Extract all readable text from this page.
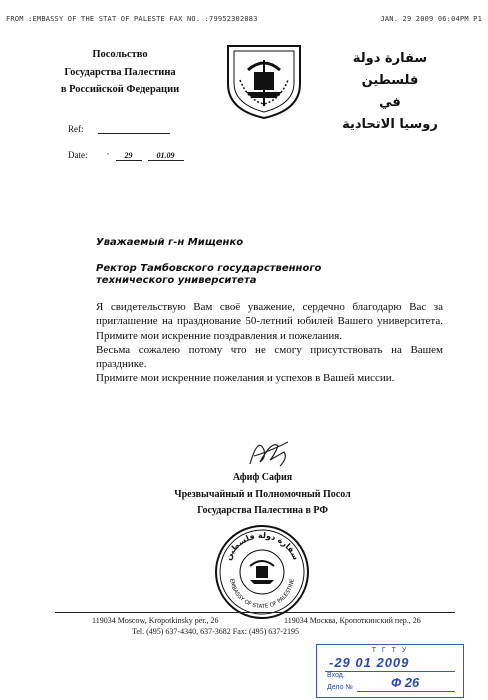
FROM :EMBASSY OF THE STAT OF PALESTE FAX NO. :79952302083	JAN. 29 2009 06:04PM P1
Посольство
Государства Палестина
в Российской Федерации
سفارة دولة فلسطين
في
روسيا الاتحادية
Ref:
Date:	" 29	01.09
Уважаемый г-н Мищенко
Ректор Тамбовского государственного технического университета

Я свидетельствую Вам своё уважение, сердечно благодарю Вас за приглашение на празднование 50-летний юбилей Вашего университета. Примите мои искренние поздравления и пожелания.

Весьма сожалею потому что не смогу присутствовать на Вашем празднике.

Примите мои искренние пожелания и успехов в Вашей миссии.

Афиф Сафия
Чрезвычайный и Полномочный Посол
Государства Палестина в РФ
سفارة دولة فلسطين
EMBASSY OF STATE OF PALESTINE
119034 Moscow, Kropotkinsky per., 26	119034 Москва, Кропоткинский пер., 26
Tel. (495) 637-4340, 637-3682 Fax: (495) 637-2195
Т Г Т У
-29 01 2009
Вход.
Дело №	Ф 26
